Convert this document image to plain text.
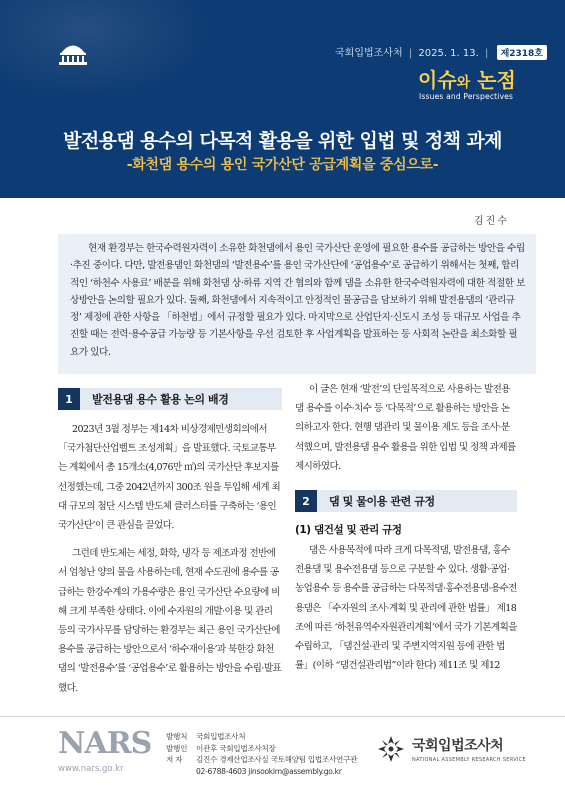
국회입법조사처 | 2025. 1. 13. | 제2318호
이슈와 논점
Issues and Perspectives
발전용댐 용수의 다목적 활용을 위한 입법 및 정책 과제
-화천댐 용수의 용인 국가산단 공급계획을 중심으로-
김진수

현재 환경부는 한국수력원자력이 소유한 화천댐에서 용인 국가산단 운영에 필요한 용수를 공급하는 방안을 수립·추진 중이다. 다만, 발전용댐인 화천댐의 ‘발전용수’를 용인 국가산단에 ‘공업용수’로 공급하기 위해서는 첫째, 합리적인 ‘하천수 사용료’ 배분을 위해 화천댐 상·하류 지역 간 협의와 함께 댐을 소유한 한국수력원자력에 대한 적절한 보상방안을 논의할 필요가 있다. 둘째, 화천댐에서 지속적이고 안정적인 물공급을 담보하기 위해 발전용댐의 ‘관리규정’ 제정에 관한 사항을 「하천법」에서 규정할 필요가 있다. 마지막으로 산업단지·신도시 조성 등 대규모 사업을 추진할 때는 전력·용수공급 가능량 등 기본사항을 우선 검토한 후 사업계획을 발표하는 등 사회적 논란을 최소화할 필요가 있다.

1	발전용댐 용수 활용 논의 배경

2023년 3월 정부는 제14차 비상경제민생회의에서 「국가첨단산업벨트 조성계획」을 발표했다. 국토교통부는 계획에서 총 15개소(4,076만 ㎡)의 국가산단 후보지를 선정했는데, 그중 2042년까지 300조 원을 투입해 세계 최대 규모의 첨단 시스템 반도체 클러스터를 구축하는 ‘용인 국가산단’이 큰 관심을 끌었다.

그런데 반도체는 세정, 화학, 냉각 등 제조과정 전반에서 엄청난 양의 물을 사용하는데, 현재 수도권에 용수를 공급하는 한강수계의 가용수량은 용인 국가산단 수요량에 비해 크게 부족한 상태다. 이에 수자원의 개발·이용 및 관리 등의 국가사무를 담당하는 환경부는 최근 용인 국가산단에 용수를 공급하는 방안으로서 ‘하수재이용’과 북한강 화천댐의 ‘발전용수’를 ‘공업용수’로 활용하는 방안을 수립·발표했다.

이 글은 현재 ‘발전’의 단일목적으로 사용하는 발전용댐 용수를 이수·치수 등 ‘다목적’으로 활용하는 방안을 논의하고자 한다. 현행 댐관리 및 물이용 제도 등을 조사·분석했으며, 발전용댐 용수 활용을 위한 입법 및 정책 과제를 제시하였다.

2	댐 및 물이용 관련 규정
(1) 댐건설 및 관리 규정

댐은 사용목적에 따라 크게 다목적댐, 발전용댐, 홍수전용댐 및 용수전용댐 등으로 구분할 수 있다. 생활·공업·농업용수 등 용수를 공급하는 다목적댐·홍수전용댐·용수전용댐은 「수자원의 조사·계획 및 관리에 관한 법률」 제18조에 따른 ‘하천유역수자원관리계획’에서 국가 기본계획을 수립하고, 「댐건설·관리 및 주변지역지원 등에 관한 법률」(이하 “댐건설관리법”이라 한다) 제11조 및 제12

NARS
www.nars.go.kr
발행처 국회입법조사처
발행인 이관후 국회입법조사처장
저 자 김진수 경제산업조사실 국토해양팀 입법조사연구관
02-6788-4603 jinsookim@assembly.go.kr
국회입법조사처
NATIONAL ASSEMBLY RESEARCH SERVICE
